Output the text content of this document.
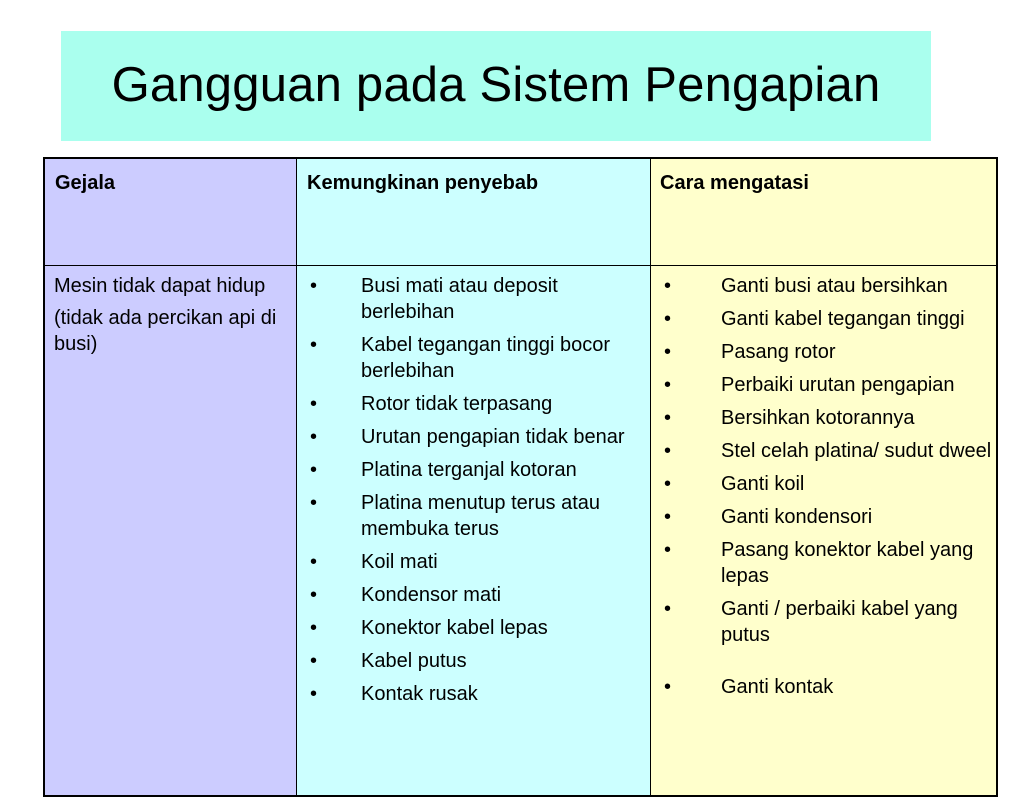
Gangguan pada Sistem Pengapian
Gejala	Kemungkinan penyebab	Cara mengatasi

Mesin tidak dapat hidup

(tidak ada percikan api di busi)

• Busi mati atau deposit berlebihan
• Kabel tegangan tinggi bocor berlebihan
• Rotor tidak terpasang
• Urutan pengapian tidak benar
• Platina terganjal kotoran
• Platina menutup terus atau membuka terus
• Koil mati
• Kondensor mati
• Konektor kabel lepas
• Kabel putus
• Kontak rusak
• Ganti busi atau bersihkan
• Ganti kabel tegangan tinggi
• Pasang rotor
• Perbaiki urutan pengapian
• Bersihkan kotorannya
• Stel celah platina/ sudut dweel
• Ganti koil
• Ganti kondensori
• Pasang konektor kabel yang lepas
• Ganti / perbaiki kabel yang putus
• Ganti kontak
